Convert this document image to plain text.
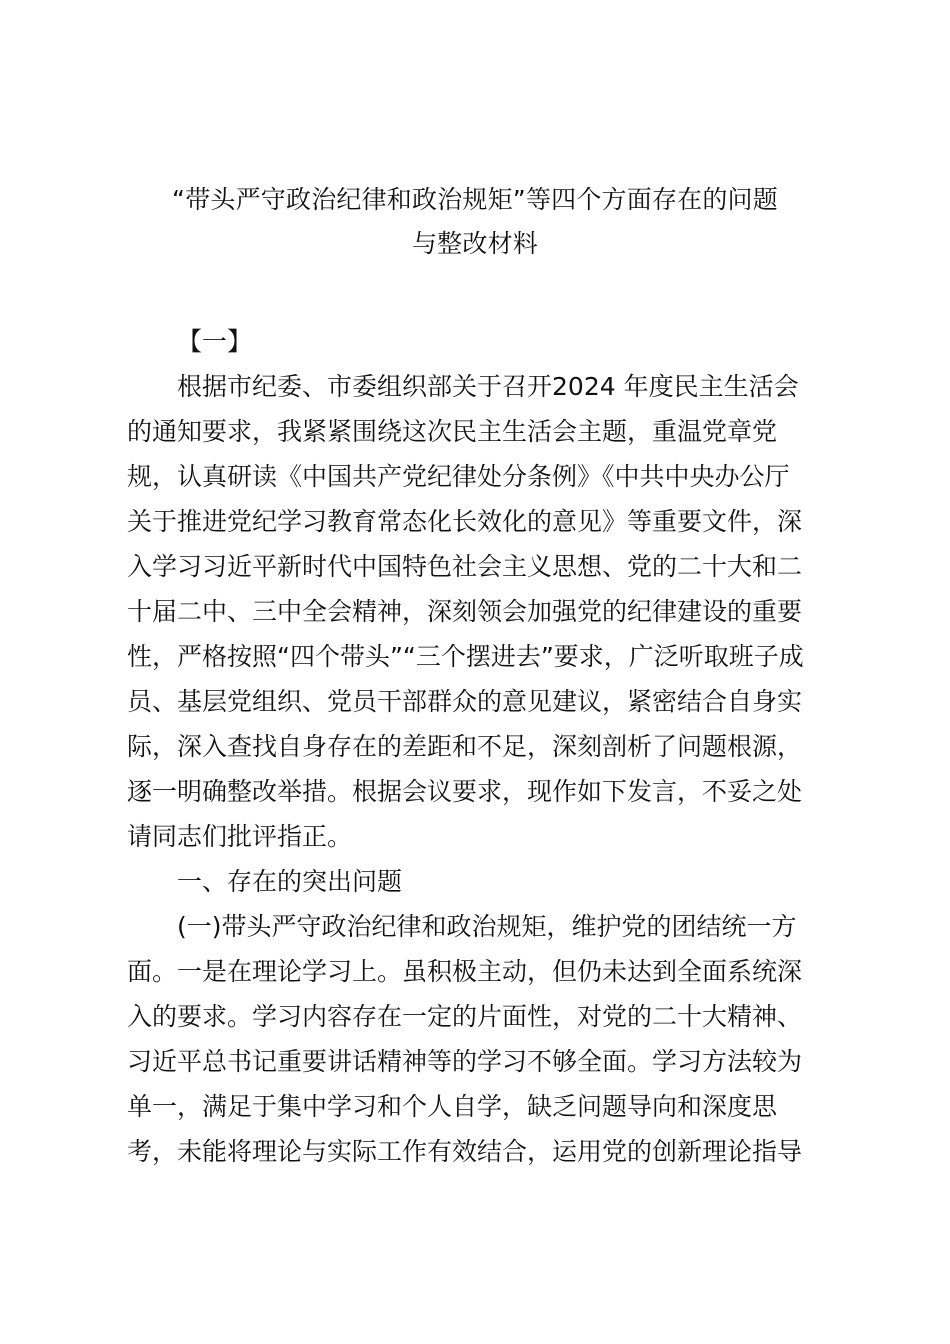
“带头严守政治纪律和政治规矩”等四个方面存在的问题
与整改材料

【一】

根据市纪委、市委组织部关于召开2024 年度民主生活会

的通知要求，我紧紧围绕这次民主生活会主题，重温党章党

规，认真研读《中国共产党纪律处分条例》《中共中央办公厅

关于推进党纪学习教育常态化长效化的意见》等重要文件，深

入学习习近平新时代中国特色社会主义思想、党的二十大和二

十届二中、三中全会精神，深刻领会加强党的纪律建设的重要

性，严格按照“四个带头”“三个摆进去”要求，广泛听取班子成

员、基层党组织、党员干部群众的意见建议，紧密结合自身实

际，深入查找自身存在的差距和不足，深刻剖析了问题根源，

逐一明确整改举措。根据会议要求，现作如下发言，不妥之处

请同志们批评指正。

一、存在的突出问题

(一)带头严守政治纪律和政治规矩，维护党的团结统一方

面。一是在理论学习上。虽积极主动，但仍未达到全面系统深

入的要求。学习内容存在一定的片面性，对党的二十大精神、

习近平总书记重要讲话精神等的学习不够全面。学习方法较为

单一，满足于集中学习和个人自学，缺乏问题导向和深度思

考，未能将理论与实际工作有效结合，运用党的创新理论指导
